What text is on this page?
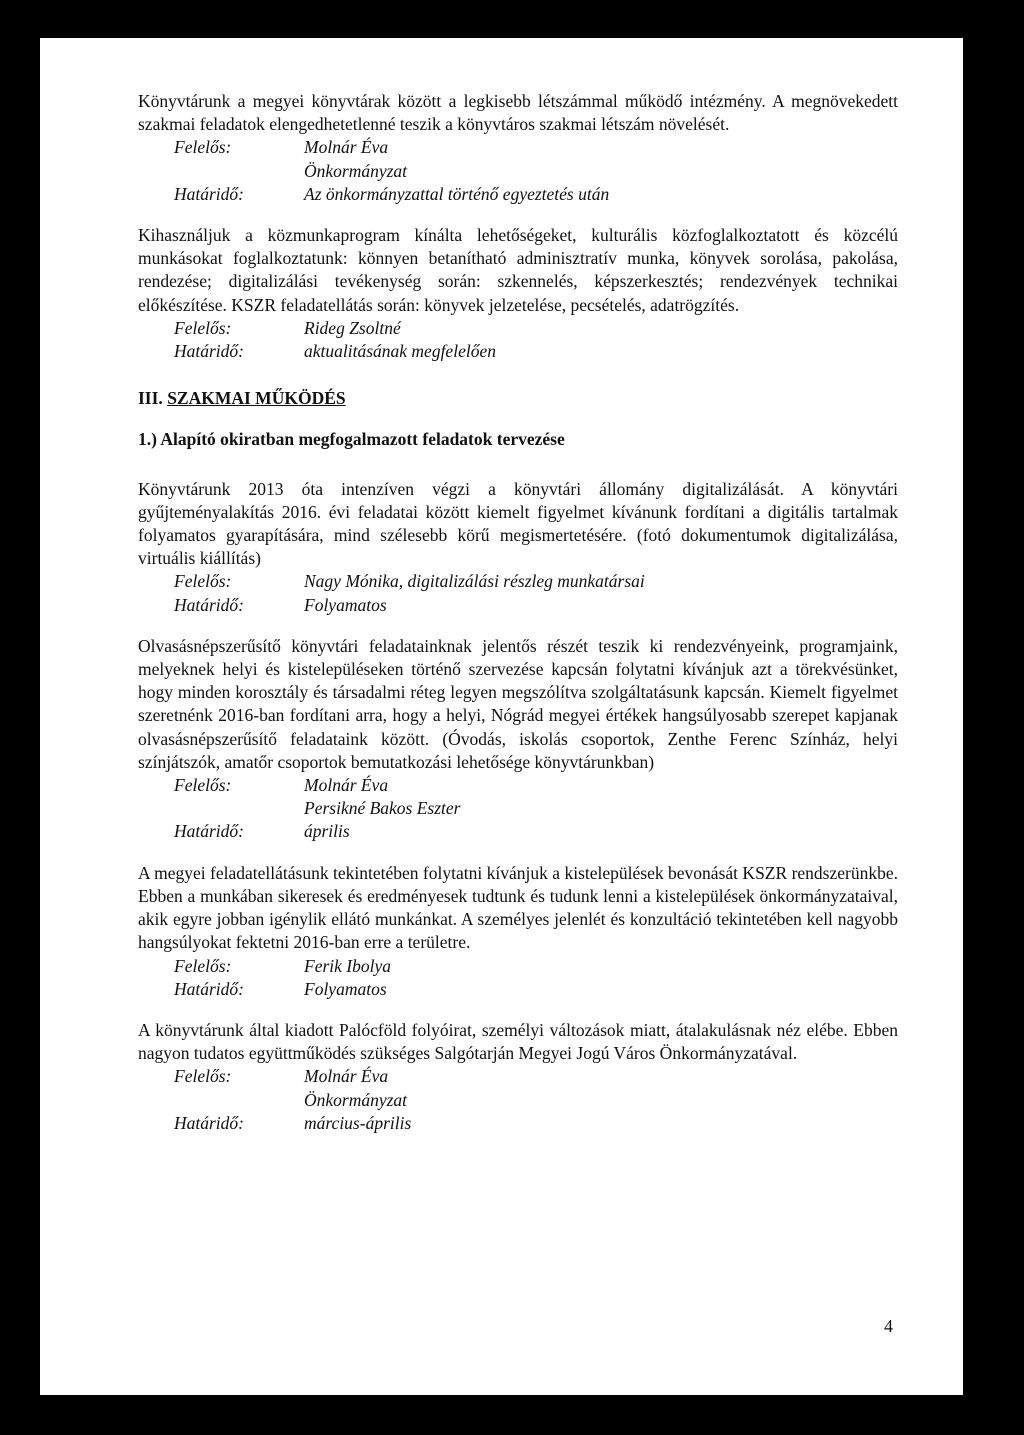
Könyvtárunk a megyei könyvtárak között a legkisebb létszámmal működő intézmény. A megnövekedett szakmai feladatok elengedhetetlenné teszik a könyvtáros szakmai létszám növelését.

Felelős:	Molnár Éva
Önkormányzat
Határidő:	Az önkormányzattal történő egyeztetés után

Kihasználjuk a közmunkaprogram kínálta lehetőségeket, kulturális közfoglalkoztatott és közcélú munkásokat foglalkoztatunk: könnyen betanítható adminisztratív munka, könyvek sorolása, pakolása, rendezése; digitalizálási tevékenység során: szkennelés, képszerkesztés; rendezvények technikai előkészítése. KSZR feladatellátás során: könyvek jelzetelése, pecsételés, adatrögzítés.

Felelős:	Rideg Zsoltné
Határidő:	aktualitásának megfelelően
III. SZAKMAI MŰKÖDÉS
1.) Alapító okiratban megfogalmazott feladatok tervezése

Könyvtárunk 2013 óta intenzíven végzi a könyvtári állomány digitalizálását. A könyvtári gyűjteményalakítás 2016. évi feladatai között kiemelt figyelmet kívánunk fordítani a digitális tartalmak folyamatos gyarapítására, mind szélesebb körű megismertetésére. (fotó dokumentumok digitalizálása, virtuális kiállítás)

Felelős:	Nagy Mónika, digitalizálási részleg munkatársai
Határidő:	Folyamatos

Olvasásnépszerűsítő könyvtári feladatainknak jelentős részét teszik ki rendezvényeink, programjaink, melyeknek helyi és kistelepüléseken történő szervezése kapcsán folytatni kívánjuk azt a törekvésünket, hogy minden korosztály és társadalmi réteg legyen megszólítva szolgáltatásunk kapcsán. Kiemelt figyelmet szeretnénk 2016-ban fordítani arra, hogy a helyi, Nógrád megyei értékek hangsúlyosabb szerepet kapjanak olvasásnépszerűsítő feladataink között. (Óvodás, iskolás csoportok, Zenthe Ferenc Színház, helyi színjátszók, amatőr csoportok bemutatkozási lehetősége könyvtárunkban)

Felelős:	Molnár Éva
Persikné Bakos Eszter
Határidő:	április

A megyei feladatellátásunk tekintetében folytatni kívánjuk a kistelepülések bevonását KSZR rendszerünkbe. Ebben a munkában sikeresek és eredményesek tudtunk és tudunk lenni a kistelepülések önkormányzataival, akik egyre jobban igénylik ellátó munkánkat. A személyes jelenlét és konzultáció tekintetében kell nagyobb hangsúlyokat fektetni 2016-ban erre a területre.

Felelős:	Ferik Ibolya
Határidő:	Folyamatos

A könyvtárunk által kiadott Palócföld folyóirat, személyi változások miatt, átalakulásnak néz elébe. Ebben nagyon tudatos együttműködés szükséges Salgótarján Megyei Jogú Város Önkormányzatával.

Felelős:	Molnár Éva
Önkormányzat
Határidő:	március-április
4
